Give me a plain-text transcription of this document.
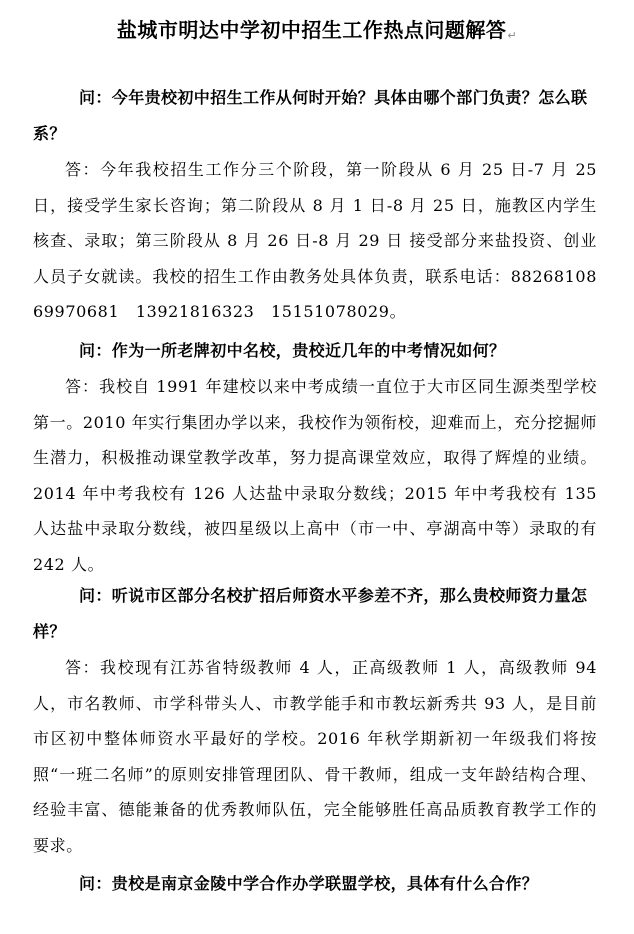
盐城市明达中学初中招生工作热点问题解答↵

问：今年贵校初中招生工作从何时开始？具体由哪个部门负责？怎么联系？

答：今年我校招生工作分三个阶段，第一阶段从 6 月 25 日-7 月 25 日，接受学生家长咨询；第二阶段从 8 月 1 日-8 月 25 日，施教区内学生核查、录取；第三阶段从 8 月 26 日-8 月 29 日 接受部分来盐投资、创业人员子女就读。我校的招生工作由教务处具体负责，联系电话：88268108　69970681　13921816323　15151078029。

问：作为一所老牌初中名校，贵校近几年的中考情况如何？

答：我校自 1991 年建校以来中考成绩一直位于大市区同生源类型学校第一。2010 年实行集团办学以来，我校作为领衔校，迎难而上，充分挖掘师生潜力，积极推动课堂教学改革，努力提高课堂效应，取得了辉煌的业绩。2014 年中考我校有 126 人达盐中录取分数线；2015 年中考我校有 135 人达盐中录取分数线，被四星级以上高中（市一中、亭湖高中等）录取的有 242 人。

问：听说市区部分名校扩招后师资水平参差不齐，那么贵校师资力量怎样？

答：我校现有江苏省特级教师 4 人，正高级教师 1 人，高级教师 94 人，市名教师、市学科带头人、市教学能手和市教坛新秀共 93 人，是目前市区初中整体师资水平最好的学校。2016 年秋学期新初一年级我们将按照“一班二名师”的原则安排管理团队、骨干教师，组成一支年龄结构合理、经验丰富、德能兼备的优秀教师队伍，完全能够胜任高品质教育教学工作的要求。

问：贵校是南京金陵中学合作办学联盟学校，具体有什么合作？
